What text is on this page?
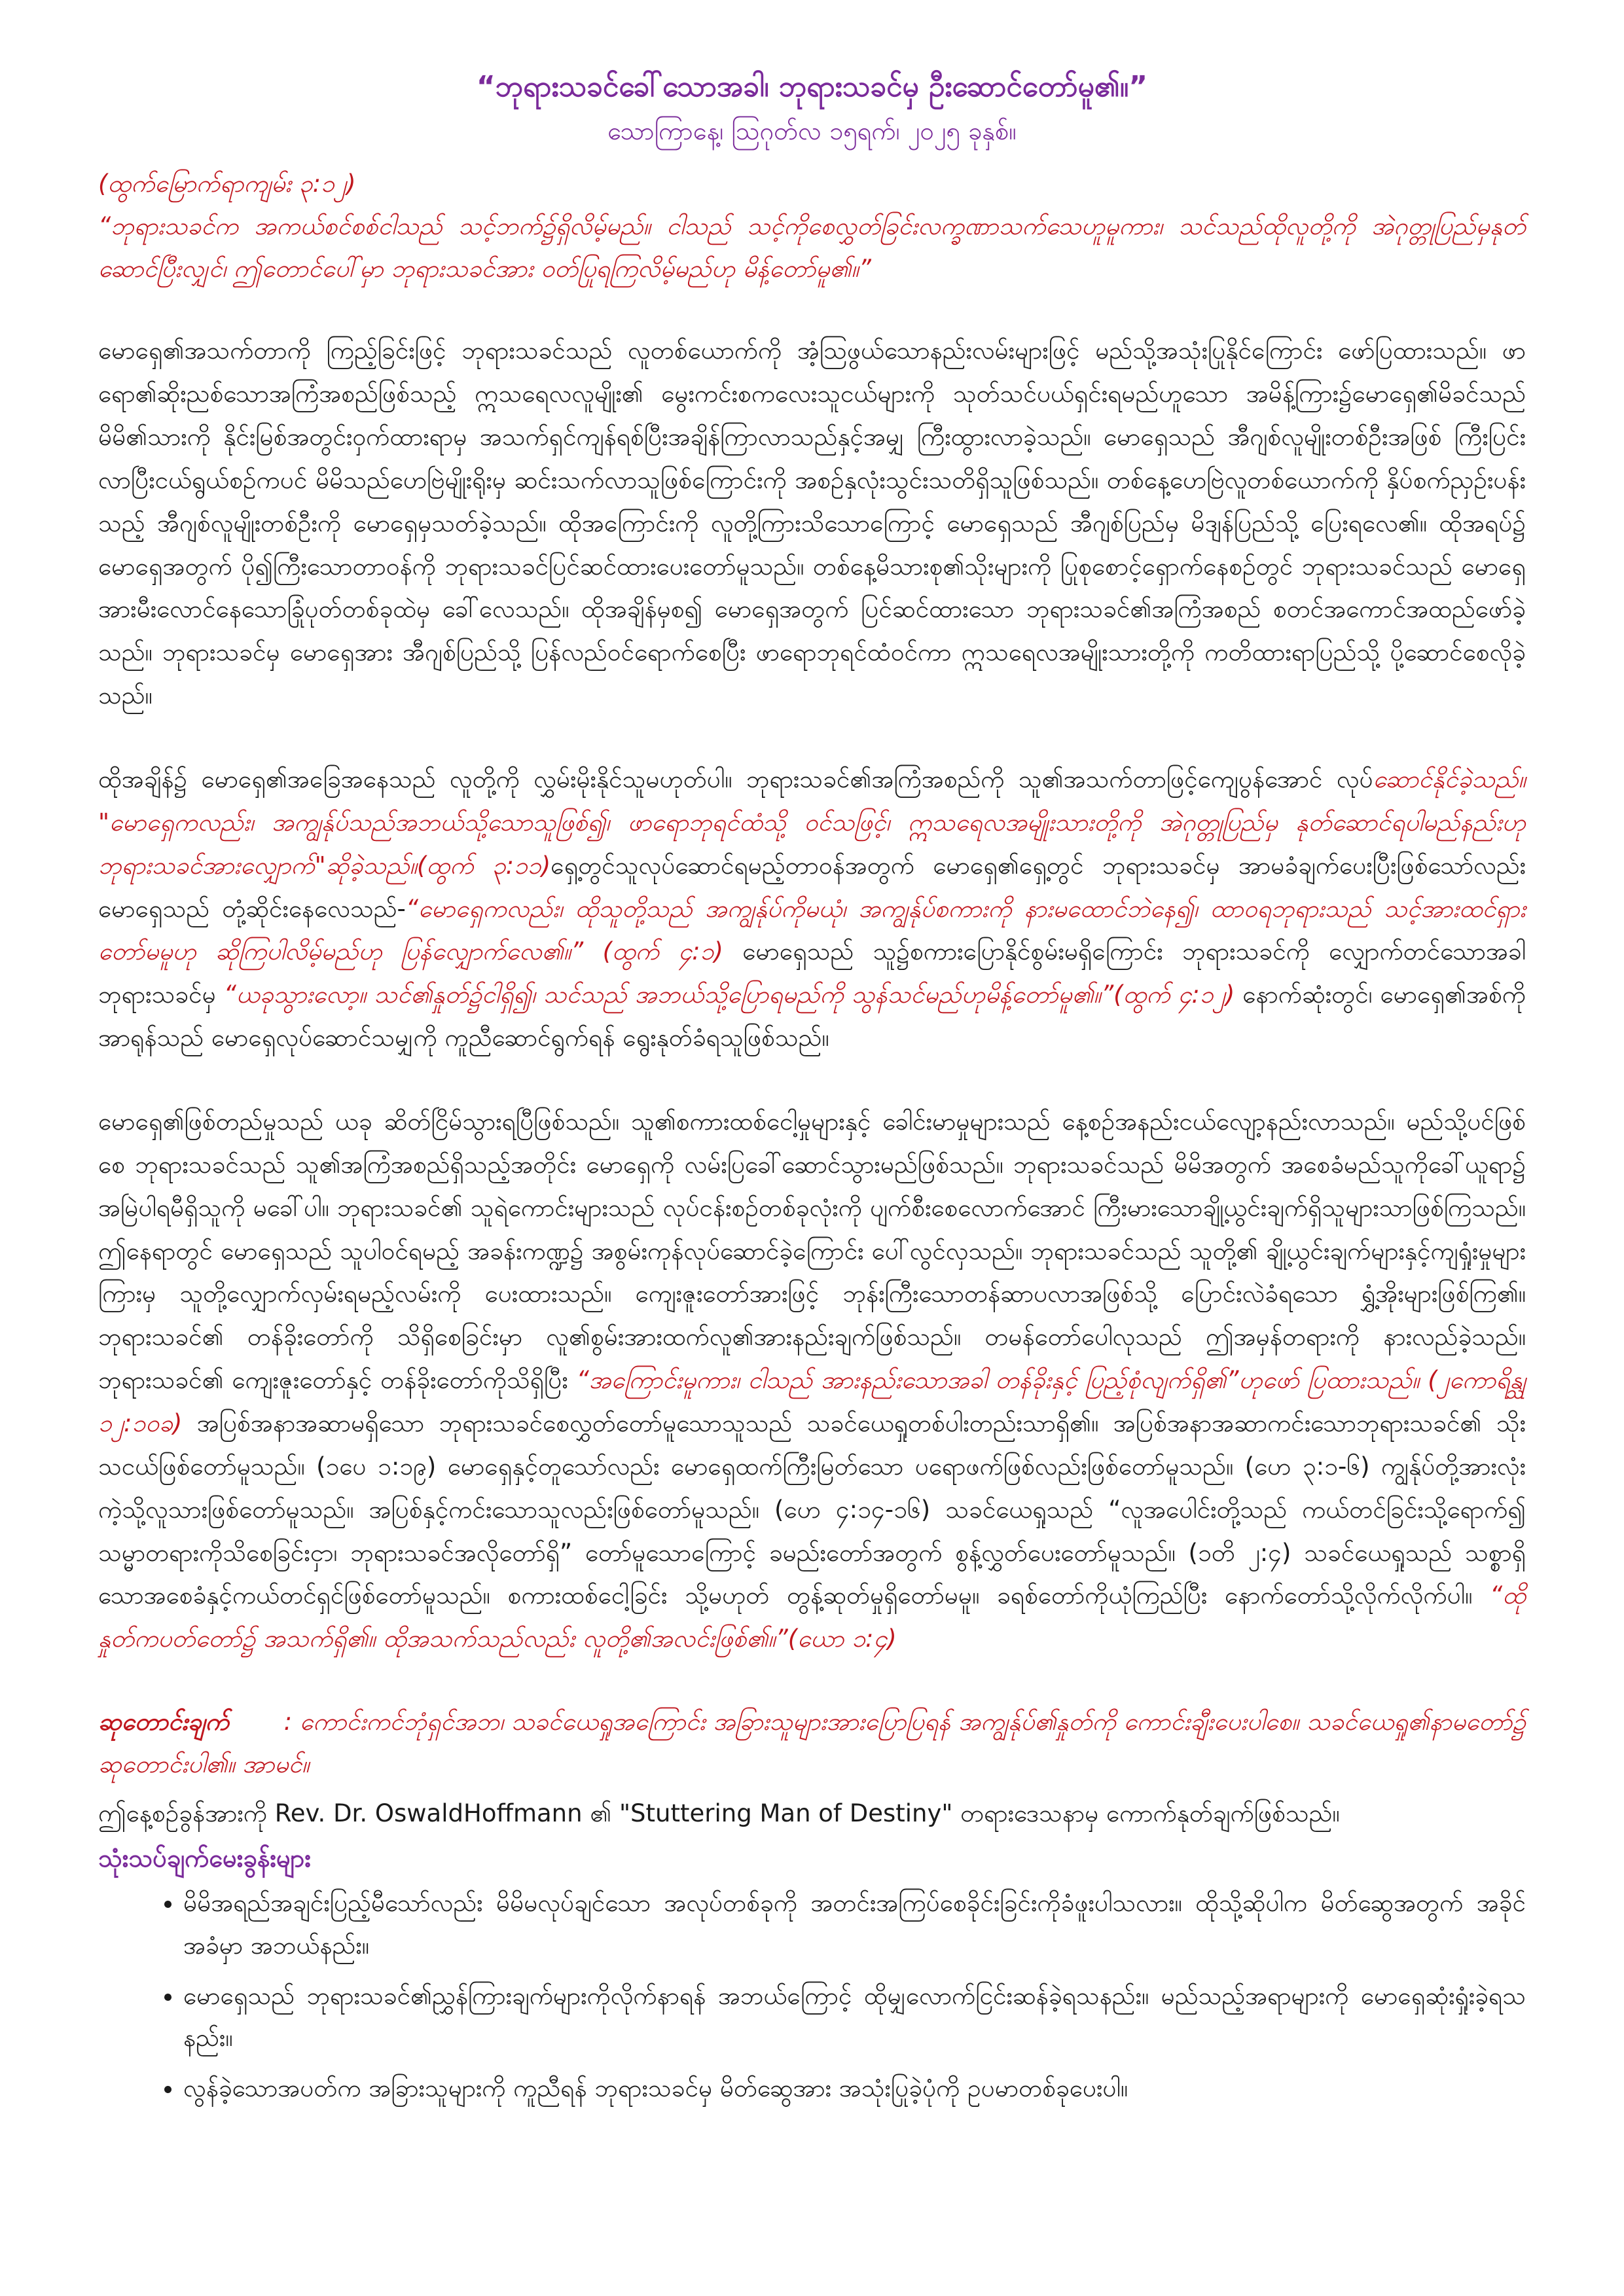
“ဘုရားသခင်ခေါ်သောအခါ၊ ဘုရားသခင်မှ ဦးဆောင်တော်မူ၏။”
သောကြာနေ့၊ ဩဂုတ်လ ၁၅ရက်၊ ၂၀၂၅ ခုနှစ်။

(ထွက်မြောက်ရာကျမ်း ၃:၁၂)

“ဘုရားသခင်က အကယ်စင်စစ်ငါသည် သင့်ဘက်၌ရှိလိမ့်မည်။ ငါသည် သင့်ကိုစေလွှတ်ခြင်းလက္ခဏာသက်သေဟူမူကား၊ သင်သည်ထိုလူတို့ကို အဲဂုတ္တုပြည်မှနုတ်ဆောင်ပြီးလျှင်၊ ဤတောင်ပေါ်မှာ ဘုရားသခင်အား ဝတ်ပြုရကြလိမ့်မည်ဟု မိန့်တော်မူ၏။”

မောရှေ၏အသက်တာကို ကြည့်ခြင်းဖြင့် ဘုရားသခင်သည် လူတစ်ယောက်ကို အံ့သြဖွယ်သောနည်းလမ်းများဖြင့် မည်သို့အသုံးပြုနိုင်ကြောင်း ဖော်ပြထားသည်။ ဖာရော၏ဆိုးညစ်သောအကြံအစည်ဖြစ်သည့် ဣသရေလလူမျိုး၏ မွေးကင်းစကလေးသူငယ်များကို သုတ်သင်ပယ်ရှင်းရမည်ဟူသော အမိန့်ကြား၌မောရှေ၏မိခင်သည် မိမိ၏သားကို နိုင်းမြစ်အတွင်းဝှက်ထားရာမှ အသက်ရှင်ကျန်ရစ်ပြီးအချိန်ကြာလာသည်နှင့်အမျှ ကြီးထွားလာခဲ့သည်။ မောရှေသည် အီဂျစ်လူမျိုးတစ်ဦးအဖြစ် ကြီးပြင်းလာပြီးငယ်ရွယ်စဉ်ကပင် မိမိသည်ဟေဗြဲမျိုးရိုးမှ ဆင်းသက်လာသူဖြစ်ကြောင်းကို အစဉ်နှလုံးသွင်းသတိရှိသူဖြစ်သည်။ တစ်နေ့ဟေဗြဲလူတစ်ယောက်ကို နှိပ်စက်ညှဉ်းပန်းသည့် အီဂျစ်လူမျိုးတစ်ဦးကို မောရှေမှသတ်ခဲ့သည်။ ထိုအကြောင်းကို လူတို့ကြားသိသောကြောင့် မောရှေသည် အီဂျစ်ပြည်မှ မိဒျန်ပြည်သို့ ပြေးရလေ၏။ ထိုအရပ်၌ မောရှေအတွက် ပို၍ကြီးသောတာဝန်ကို ဘုရားသခင်ပြင်ဆင်ထားပေးတော်မူသည်။ တစ်နေ့မိသားစု၏သိုးများကို ပြုစုစောင့်ရှောက်နေစဉ်တွင် ဘုရားသခင်သည် မောရှေအားမီးလောင်နေသောခြုံပုတ်တစ်ခုထဲမှ ခေါ်လေသည်။ ထိုအချိန်မှစ၍ မောရှေအတွက် ပြင်ဆင်ထားသော ဘုရားသခင်၏အကြံအစည် စတင်အကောင်အထည်ဖော်ခဲ့သည်။ ဘုရားသခင်မှ မောရှေအား အီဂျစ်ပြည်သို့ ပြန်လည်ဝင်ရောက်စေပြီး ဖာရောဘုရင်ထံဝင်ကာ ဣသရေလအမျိုးသားတို့ကို ကတိထားရာပြည်သို့ ပို့ဆောင်စေလိုခဲ့သည်။

ထိုအချိန်၌ မောရှေ၏အခြေအနေသည် လူတို့ကို လွှမ်းမိုးနိုင်သူမဟုတ်ပါ။ ဘုရားသခင်၏အကြံအစည်ကို သူ၏အသက်တာဖြင့်ကျေပွန်အောင် လုပ်ဆောင်နိုင်ခဲ့သည်။ "မောရှေကလည်း၊ အကျွန်ုပ်သည်အဘယ်သို့သောသူဖြစ်၍၊ ဖာရောဘုရင်ထံသို့ ဝင်သဖြင့်၊ ဣသရေလအမျိုးသားတို့ကို အဲဂုတ္တုပြည်မှ နုတ်ဆောင်ရပါမည်နည်းဟု ဘုရားသခင်အားလျှောက်"ဆိုခဲ့သည်။(ထွက် ၃:၁၁)ရှေ့တွင်သူလုပ်ဆောင်ရမည့်တာဝန်အတွက် မောရှေ၏ရှေ့တွင် ဘုရားသခင်မှ အာမခံချက်ပေးပြီးဖြစ်သော်လည်း မောရှေသည် တုံ့ဆိုင်းနေလေသည်-“မောရှေကလည်း၊ ထိုသူတို့သည် အကျွန်ုပ်ကိုမယုံ၊ အကျွန်ုပ်စကားကို နားမထောင်ဘဲနေ၍၊ ထာဝရဘုရားသည် သင့်အားထင်ရှားတော်မမူဟု ဆိုကြပါလိမ့်မည်ဟု ပြန်လျှောက်လေ၏။” (ထွက် ၄:၁) မောရှေသည် သူ၌စကားပြောနိုင်စွမ်းမရှိကြောင်း ဘုရားသခင်ကို လျှောက်တင်သောအခါ ဘုရားသခင်မှ “ယခုသွားလော့။ သင်၏နှုတ်၌ငါရှိ၍၊ သင်သည် အဘယ်သို့ပြောရမည်ကို သွန်သင်မည်ဟုမိန့်တော်မူ၏။”(ထွက် ၄:၁၂) နောက်ဆုံးတွင်၊ မောရှေ၏အစ်ကိုအာရုန်သည် မောရှေလုပ်ဆောင်သမျှကို ကူညီဆောင်ရွက်ရန် ရွေးနုတ်ခံရသူဖြစ်သည်။

မောရှေ၏ဖြစ်တည်မှုသည် ယခု ဆိတ်ငြိမ်သွားရပြီဖြစ်သည်။ သူ၏စကားထစ်ငေါ့မှုများနှင့် ခေါင်းမာမှုများသည် နေ့စဉ်အနည်းငယ်လျော့နည်းလာသည်။ မည်သို့ပင်ဖြစ်စေ ဘုရားသခင်သည် သူ၏အကြံအစည်ရှိသည့်အတိုင်း မောရှေကို လမ်းပြခေါ်ဆောင်သွားမည်ဖြစ်သည်။ ဘုရားသခင်သည် မိမိအတွက် အစေခံမည်သူကိုခေါ်ယူရာ၌ အမြဲပါရမီရှိသူကို မခေါ်ပါ။ ဘုရားသခင်၏ သူရဲကောင်းများသည် လုပ်ငန်းစဉ်တစ်ခုလုံးကို ပျက်စီးစေလောက်အောင် ကြီးမားသောချို့ယွင်းချက်ရှိသူများသာဖြစ်ကြသည်။ ဤနေရာတွင် မောရှေသည် သူပါဝင်ရမည့် အခန်းကဏ္ဍ၌ အစွမ်းကုန်လုပ်ဆောင်ခဲ့ကြောင်း ပေါ်လွင်လှသည်။ ဘုရားသခင်သည် သူတို့၏ ချို့ယွင်းချက်များနှင့်ကျရှုံးမှုများကြားမှ သူတို့လျှောက်လှမ်းရမည့်လမ်းကို ပေးထားသည်။ ကျေးဇူးတော်အားဖြင့် ဘုန်းကြီးသောတန်ဆာပလာအဖြစ်သို့ ပြောင်းလဲခံရသော ရွှံ့အိုးများဖြစ်ကြ၏။ ဘုရားသခင်၏ တန်ခိုးတော်ကို သိရှိစေခြင်းမှာ လူ၏စွမ်းအားထက်လူ၏အားနည်းချက်ဖြစ်သည်။ တမန်တော်ပေါလုသည် ဤအမှန်တရားကို နားလည်ခဲ့သည်။ ဘုရားသခင်၏ ကျေးဇူးတော်နှင့် တန်ခိုးတော်ကိုသိရှိပြီး “အကြောင်းမူကား၊ ငါသည် အားနည်းသောအခါ တန်ခိုးနှင့် ပြည့်စုံလျက်ရှိ၏”ဟုဖော် ပြထားသည်။ (၂ကောရိန္သု ၁၂:၁၀ခ) အပြစ်အနာအဆာမရှိသော ဘုရားသခင်စေလွှတ်တော်မူသောသူသည် သခင်ယေရှုတစ်ပါးတည်းသာရှိ၏။ အပြစ်အနာအဆာကင်းသောဘုရားသခင်၏ သိုးသငယ်ဖြစ်တော်မူသည်။ (၁ပေ ၁:၁၉) မောရှေနှင့်တူသော်လည်း မောရှေထက်ကြီးမြတ်သော ပရောဖက်ဖြစ်လည်းဖြစ်တော်မူသည်။ (ဟေ ၃:၁-၆) ကျွန်ုပ်တို့အားလုံးကဲ့သို့လူသားဖြစ်တော်မူသည်။ အပြစ်နှင့်ကင်းသောသူလည်းဖြစ်တော်မူသည်။ (ဟေ ၄:၁၄-၁၆) သခင်ယေရှုသည် “လူအပေါင်းတို့သည် ကယ်တင်ခြင်းသို့ရောက်၍ သမ္မာတရားကိုသိစေခြင်းငှာ၊ ဘုရားသခင်အလိုတော်ရှိ” တော်မူသောကြောင့် ခမည်းတော်အတွက် စွန့်လွှတ်ပေးတော်မူသည်။ (၁တိ ၂:၄) သခင်ယေရှုသည် သစ္စာရှိသောအစေခံနှင့်ကယ်တင်ရှင်ဖြစ်တော်မူသည်။ စကားထစ်ငေါ့ခြင်း သို့မဟုတ် တွန့်ဆုတ်မှုရှိတော်မမူ။ ခရစ်တော်ကိုယုံကြည်ပြီး နောက်တော်သို့လိုက်လိုက်ပါ။ “ထိုနှုတ်ကပတ်တော်၌ အသက်ရှိ၏။ ထိုအသက်သည်လည်း လူတို့၏အလင်းဖြစ်၏။”(ယော ၁:၄)

ဆုတောင်းချက် : ကောင်းကင်ဘုံရှင်အဘ၊ သခင်ယေရှုအကြောင်း အခြားသူများအားပြောပြရန် အကျွန်ုပ်၏နှုတ်ကို ကောင်းချီးပေးပါစေ။ သခင်ယေရှု၏နာမတော်၌ ဆုတောင်းပါ၏။ အာမင်။

ဤနေ့စဉ်ခွန်အားကို Rev. Dr. OswaldHoffmann ၏ "Stuttering Man of Destiny" တရားဒေသနာမှ ကောက်နုတ်ချက်ဖြစ်သည်။

သုံးသပ်ချက်မေးခွန်းများ
• မိမိအရည်အချင်းပြည့်မီသော်လည်း မိမိမလုပ်ချင်သော အလုပ်တစ်ခုကို အတင်းအကြပ်စေခိုင်းခြင်းကိုခံဖူးပါသလား။ ထိုသို့ဆိုပါက မိတ်ဆွေအတွက် အခိုင်အခံမှာ အဘယ်နည်း။
• မောရှေသည် ဘုရားသခင်၏ညွှန်ကြားချက်များကိုလိုက်နာရန် အဘယ်ကြောင့် ထိုမျှလောက်ငြင်းဆန်ခဲ့ရသနည်း။ မည်သည့်အရာများကို မောရှေဆုံးရှုံးခဲ့ရသနည်း။
• လွန်ခဲ့သောအပတ်က အခြားသူများကို ကူညီရန် ဘုရားသခင်မှ မိတ်ဆွေအား အသုံးပြုခဲ့ပုံကို ဥပမာတစ်ခုပေးပါ။
